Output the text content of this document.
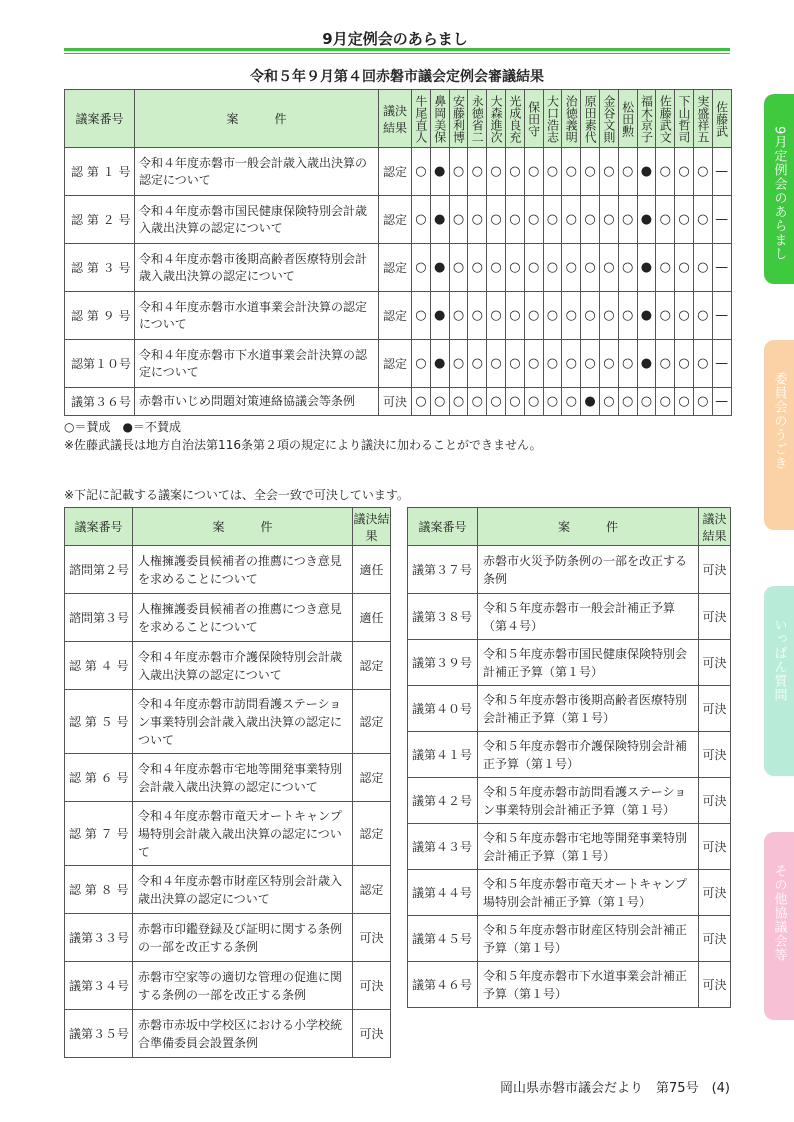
9月定例会のあらまし
令和５年９月第４回赤磐市議会定例会審議結果
議案番号	案　　　件	議決結果	牛尾直人	鼻岡美保	安藤利博	永徳省二	大森進次	光成良充	保田守	大口浩志	治徳義明	原田素代	金谷文則	松田勲	福木京子	佐藤武文	下山哲司	実盛祥五	佐藤武

認 第 １ 号	令和４年度赤磐市一般会計歳入歳出決算の認定について	認定	○	●	○	○	○	○	○	○	○	○	○	○	●	○	○	○	—
認 第 ２ 号	令和４年度赤磐市国民健康保険特別会計歳入歳出決算の認定について	認定	○	●	○	○	○	○	○	○	○	○	○	○	●	○	○	○	—
認 第 ３ 号	令和４年度赤磐市後期高齢者医療特別会計歳入歳出決算の認定について	認定	○	●	○	○	○	○	○	○	○	○	○	○	●	○	○	○	—
認 第 ９ 号	令和４年度赤磐市水道事業会計決算の認定について	認定	○	●	○	○	○	○	○	○	○	○	○	○	●	○	○	○	—
認第１０号	令和４年度赤磐市下水道事業会計決算の認定について	認定	○	●	○	○	○	○	○	○	○	○	○	○	●	○	○	○	—
議第３６号	赤磐市いじめ問題対策連絡協議会等条例	可決	○	○	○	○	○	○	○	○	○	●	○	○	○	○	○	○	—
○＝賛成　●＝不賛成
※佐藤武議長は地方自治法第116条第２項の規定により議決に加わることができません。
※下記に記載する議案については、全会一致で可決しています。
議案番号	案　　　件	議決結果
諮問第２号	人権擁護委員候補者の推薦につき意見を求めることについて	適任
諮問第３号	人権擁護委員候補者の推薦につき意見を求めることについて	適任
認 第 ４ 号	令和４年度赤磐市介護保険特別会計歳入歳出決算の認定について	認定
認 第 ５ 号	令和４年度赤磐市訪問看護ステーション事業特別会計歳入歳出決算の認定について	認定
認 第 ６ 号	令和４年度赤磐市宅地等開発事業特別会計歳入歳出決算の認定について	認定
認 第 ７ 号	令和４年度赤磐市竜天オートキャンプ場特別会計歳入歳出決算の認定について	認定
認 第 ８ 号	令和４年度赤磐市財産区特別会計歳入歳出決算の認定について	認定
議第３３号	赤磐市印鑑登録及び証明に関する条例の一部を改正する条例	可決
議第３４号	赤磐市空家等の適切な管理の促進に関する条例の一部を改正する条例	可決
議第３５号	赤磐市赤坂中学校区における小学校統合準備委員会設置条例	可決
議案番号	案　　　件	議決結果
議第３７号	赤磐市火災予防条例の一部を改正する条例	可決
議第３８号	令和５年度赤磐市一般会計補正予算（第４号）	可決
議第３９号	令和５年度赤磐市国民健康保険特別会計補正予算（第１号）	可決
議第４０号	令和５年度赤磐市後期高齢者医療特別会計補正予算（第１号）	可決
議第４１号	令和５年度赤磐市介護保険特別会計補正予算（第１号）	可決
議第４２号	令和５年度赤磐市訪問看護ステーション事業特別会計補正予算（第１号）	可決
議第４３号	令和５年度赤磐市宅地等開発事業特別会計補正予算（第１号）	可決
議第４４号	令和５年度赤磐市竜天オートキャンプ場特別会計補正予算（第１号）	可決
議第４５号	令和５年度赤磐市財産区特別会計補正予算（第１号）	可決
議第４６号	令和５年度赤磐市下水道事業会計補正予算（第１号）	可決
9月定例会のあらまし
委員会のうごき
いっぱん質問
その他協議会等
岡山県赤磐市議会だより　第75号　(4)
